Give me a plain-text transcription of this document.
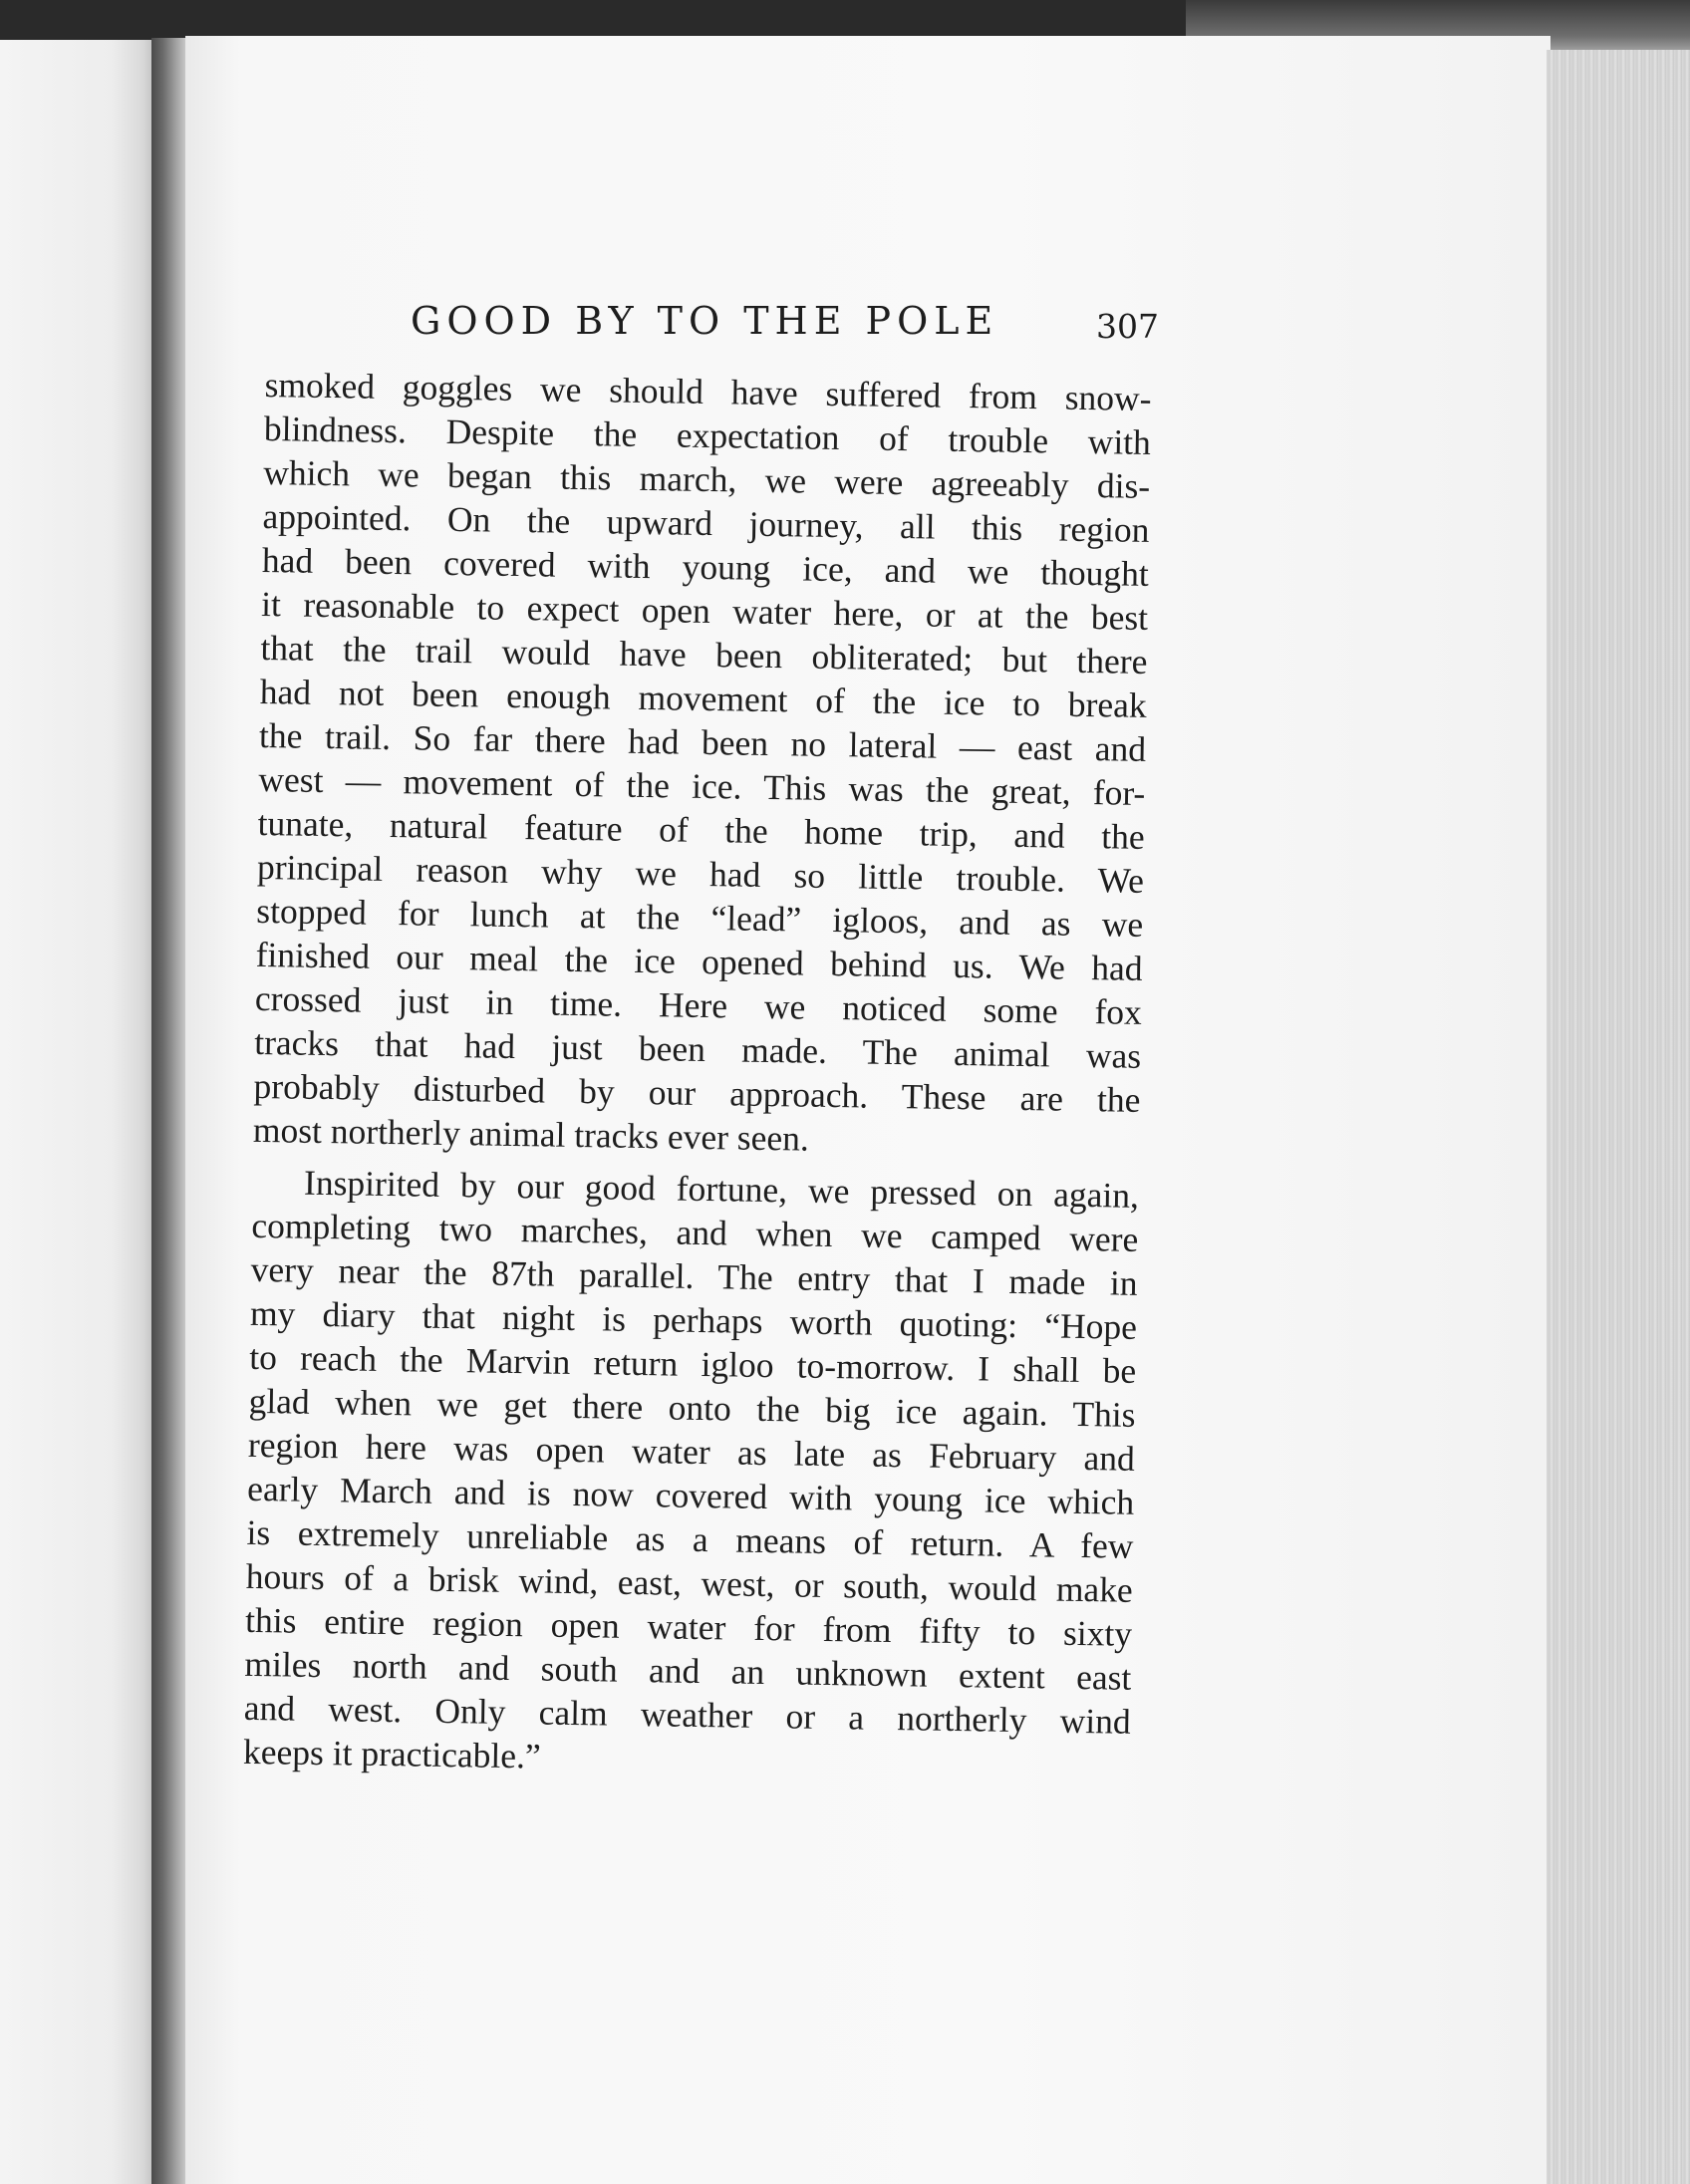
GOOD BY TO THE POLE	307
smoked goggles we should have suffered from snow-
blindness. Despite the expectation of trouble with
which we began this march, we were agreeably dis-
appointed. On the upward journey, all this region
had been covered with young ice, and we thought
it reasonable to expect open water here, or at the best
that the trail would have been obliterated; but there
had not been enough movement of the ice to break
the trail. So far there had been no lateral — east and
west — movement of the ice. This was the great, for-
tunate, natural feature of the home trip, and the
principal reason why we had so little trouble. We
stopped for lunch at the “lead” igloos, and as we
finished our meal the ice opened behind us. We had
crossed just in time. Here we noticed some fox
tracks that had just been made. The animal was
probably disturbed by our approach. These are the
most northerly animal tracks ever seen.
Inspirited by our good fortune, we pressed on again,
completing two marches, and when we camped were
very near the 87th parallel. The entry that I made in
my diary that night is perhaps worth quoting: “Hope
to reach the Marvin return igloo to-morrow. I shall be
glad when we get there onto the big ice again. This
region here was open water as late as February and
early March and is now covered with young ice which
is extremely unreliable as a means of return. A few
hours of a brisk wind, east, west, or south, would make
this entire region open water for from fifty to sixty
miles north and south and an unknown extent east
and west. Only calm weather or a northerly wind
keeps it practicable.”
